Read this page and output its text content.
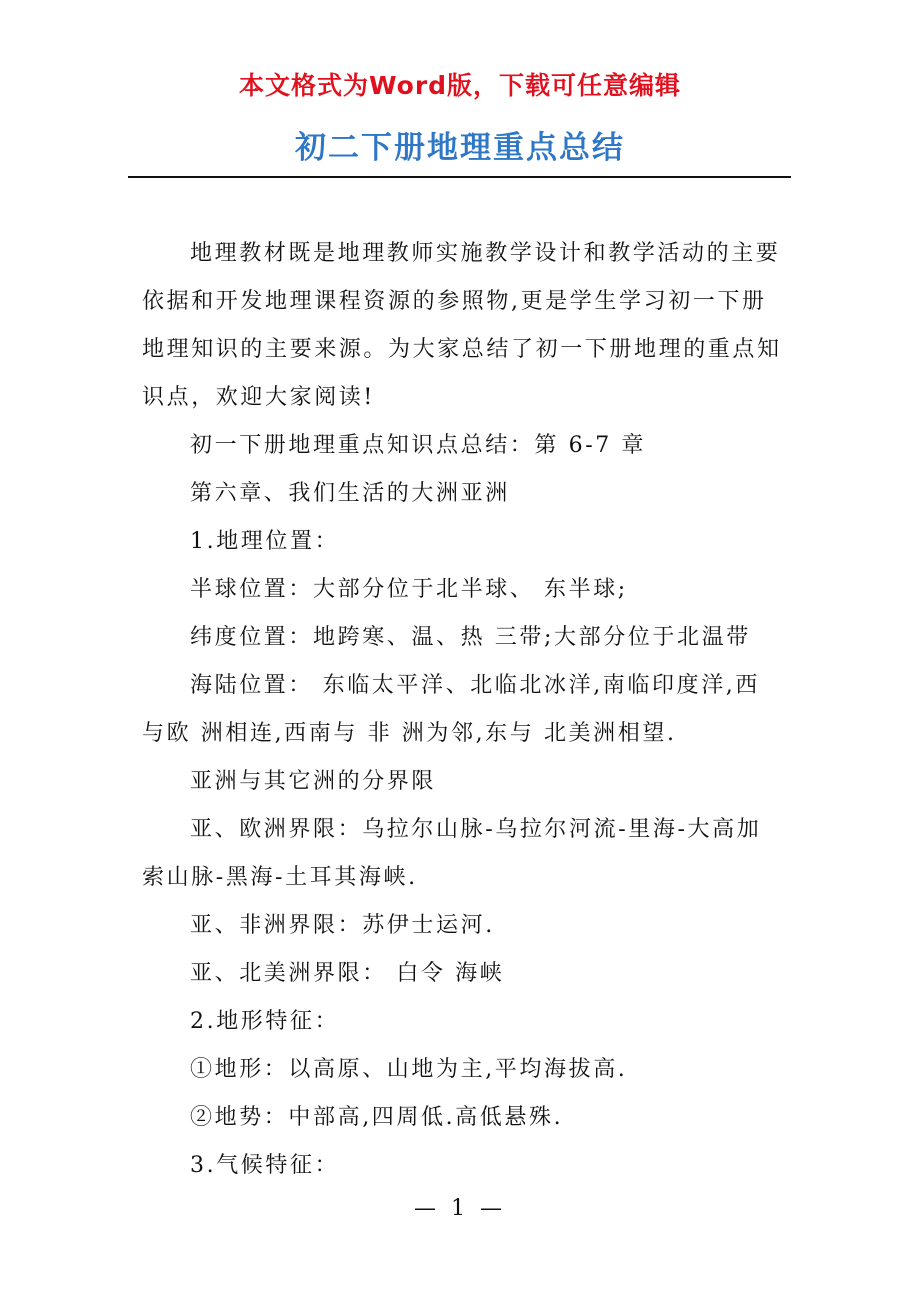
本文格式为Word版，下载可任意编辑
初二下册地理重点总结

地理教材既是地理教师实施教学设计和教学活动的主要依据和开发地理课程资源的参照物,更是学生学习初一下册地理知识的主要来源。为大家总结了初一下册地理的重点知识点，欢迎大家阅读!

初一下册地理重点知识点总结：第 6-7 章

第六章、我们生活的大洲亚洲

1.地理位置：

半球位置：大部分位于北半球、 东半球;

纬度位置：地跨寒、温、热 三带;大部分位于北温带

海陆位置： 东临太平洋、北临北冰洋,南临印度洋,西与欧 洲相连,西南与 非 洲为邻,东与 北美洲相望.

亚洲与其它洲的分界限

亚、欧洲界限：乌拉尔山脉-乌拉尔河流-里海-大高加索山脉-黑海-土耳其海峡.

亚、非洲界限：苏伊士运河.

亚、北美洲界限： 白令 海峡

2.地形特征：

①地形：以高原、山地为主,平均海拔高.

②地势：中部高,四周低.高低悬殊.

3.气候特征：

— 1 —
